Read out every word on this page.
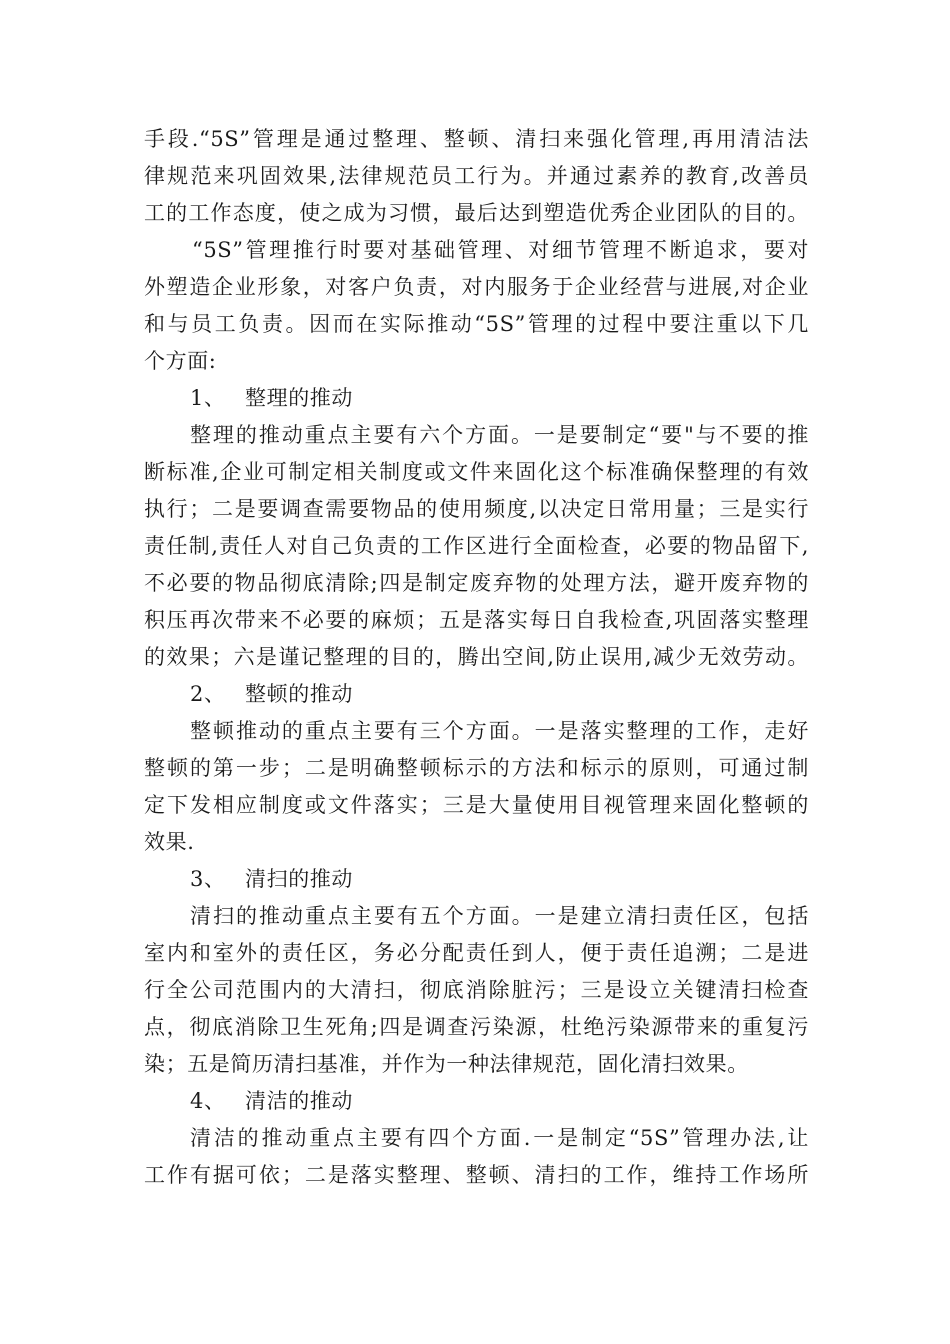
手段.“5S”管理是通过整理、整顿、清扫来强化管理,再用清洁法
律规范来巩固效果,法律规范员工行为。并通过素养的教育,改善员
工的工作态度，使之成为习惯，最后达到塑造优秀企业团队的目的。
“5S”管理推行时要对基础管理、对细节管理不断追求，要对
外塑造企业形象，对客户负责，对内服务于企业经营与进展,对企业
和与员工负责。因而在实际推动“5S”管理的过程中要注重以下几
个方面:
1、 整理的推动
整理的推动重点主要有六个方面。一是要制定“要"与不要的推
断标准,企业可制定相关制度或文件来固化这个标准确保整理的有效
执行；二是要调查需要物品的使用频度,以决定日常用量；三是实行
责任制,责任人对自己负责的工作区进行全面检查，必要的物品留下,
不必要的物品彻底清除;四是制定废弃物的处理方法，避开废弃物的
积压再次带来不必要的麻烦；五是落实每日自我检查,巩固落实整理
的效果；六是谨记整理的目的，腾出空间,防止误用,减少无效劳动。
2、 整顿的推动
整顿推动的重点主要有三个方面。一是落实整理的工作，走好
整顿的第一步；二是明确整顿标示的方法和标示的原则，可通过制
定下发相应制度或文件落实；三是大量使用目视管理来固化整顿的
效果.
3、 清扫的推动
清扫的推动重点主要有五个方面。一是建立清扫责任区，包括
室内和室外的责任区，务必分配责任到人，便于责任追溯；二是进
行全公司范围内的大清扫，彻底消除脏污；三是设立关键清扫检查
点，彻底消除卫生死角;四是调查污染源，杜绝污染源带来的重复污
染；五是简历清扫基准，并作为一种法律规范，固化清扫效果。
4、 清洁的推动
清洁的推动重点主要有四个方面.一是制定“5S”管理办法,让
工作有据可依；二是落实整理、整顿、清扫的工作，维持工作场所
